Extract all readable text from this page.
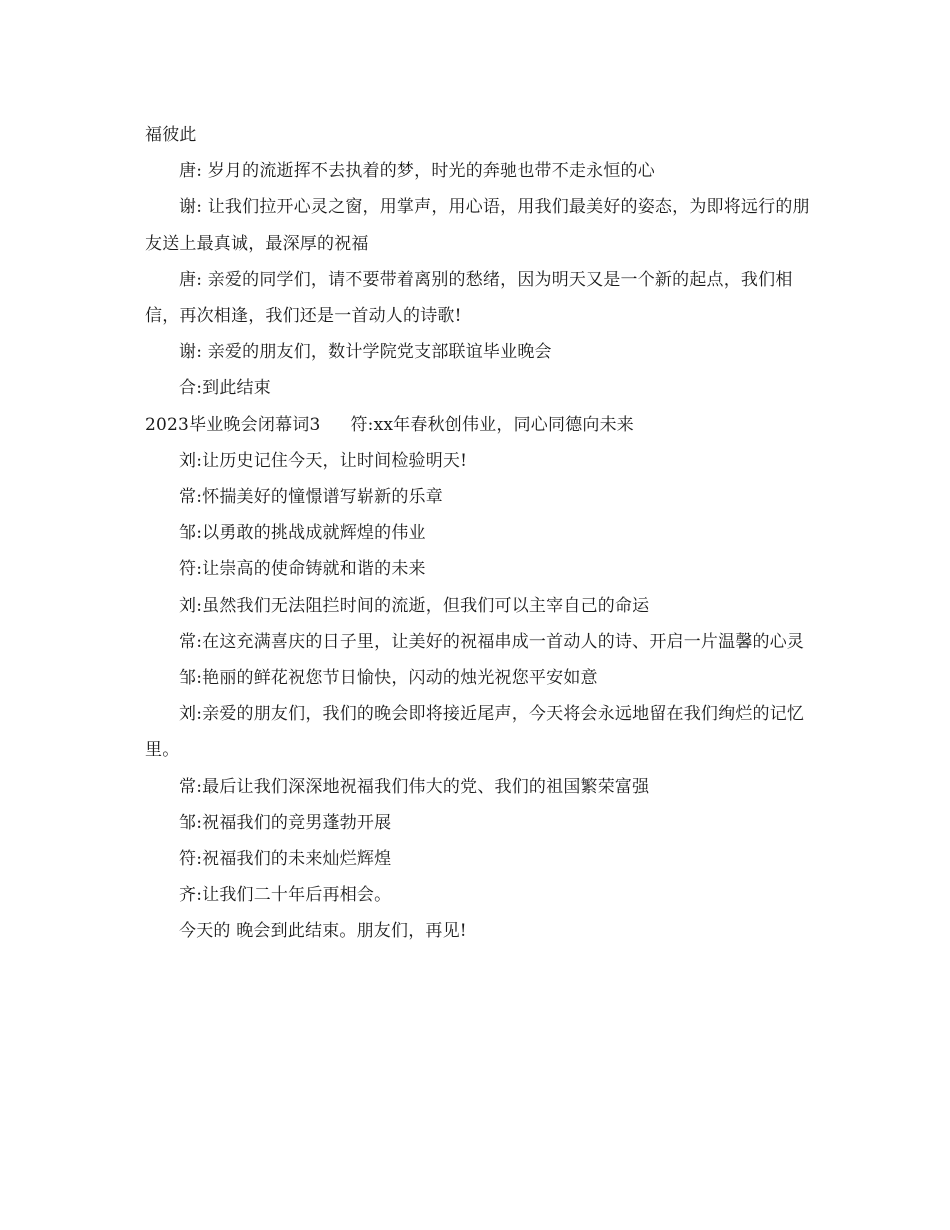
福彼此

唐: 岁月的流逝挥不去执着的梦，时光的奔驰也带不走永恒的心

谢: 让我们拉开心灵之窗，用掌声，用心语，用我们最美好的姿态，为即将远行的朋友送上最真诚，最深厚的祝福

唐: 亲爱的同学们，请不要带着离别的愁绪，因为明天又是一个新的起点，我们相信，再次相逢，我们还是一首动人的诗歌!

谢: 亲爱的朋友们，数计学院党支部联谊毕业晚会

合:到此结束

2023毕业晚会闭幕词3 符:xx年春秋创伟业，同心同德向未来

刘:让历史记住今天，让时间检验明天!

常:怀揣美好的憧憬谱写崭新的乐章

邹:以勇敢的挑战成就辉煌的伟业

符:让崇高的使命铸就和谐的未来

刘:虽然我们无法阻拦时间的流逝，但我们可以主宰自己的命运

常:在这充满喜庆的日子里，让美好的祝福串成一首动人的诗、开启一片温馨的心灵

邹:艳丽的鲜花祝您节日愉快，闪动的烛光祝您平安如意

刘:亲爱的朋友们，我们的晚会即将接近尾声，今天将会永远地留在我们绚烂的记忆里。

常:最后让我们深深地祝福我们伟大的党、我们的祖国繁荣富强

邹:祝福我们的竞男蓬勃开展

符:祝福我们的未来灿烂辉煌

齐:让我们二十年后再相会。

今天的 晚会到此结束。朋友们，再见!
